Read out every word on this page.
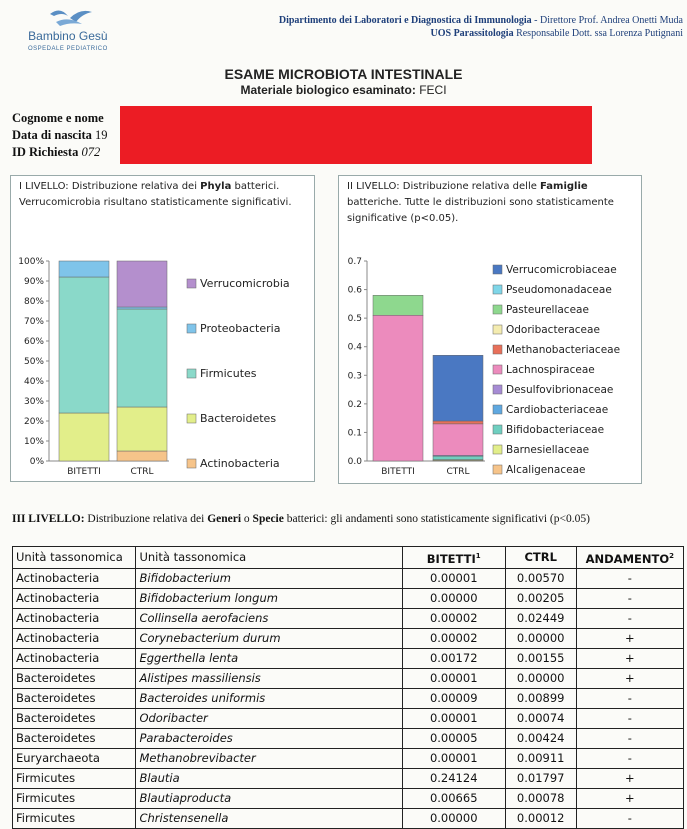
Bambino Gesù
OSPEDALE PEDIATRICO
Dipartimento dei Laboratori e Diagnostica di Immunologia - Direttore Prof. Andrea Onetti Muda
UOS Parassitologia Responsabile Dott. ssa Lorenza Putignani
ESAME MICROBIOTA INTESTINALE
Materiale biologico esaminato: FECI
Cognome e nome
Data di nascita 19
ID Richiesta 072
I LIVELLO: Distribuzione relativa dei Phyla batterici. Verrucomicrobia risultano statisticamente significativi.
0%
10%
20%
30%
40%
50%
60%
70%
80%
90%
100%
BITETTI	CTRL
Verrucomicrobia
Proteobacteria
Firmicutes
Bacteroidetes
Actinobacteria
II LIVELLO: Distribuzione relativa delle Famiglie batteriche. Tutte le distribuzioni sono statisticamente significative (p<0.05).
0.0
0.1
0.2
0.3
0.4
0.5
0.6
0.7
BITETTI	CTRL
Verrucomicrobiaceae
Pseudomonadaceae
Pasteurellaceae
Odoribacteraceae
Methanobacteriaceae
Lachnospiraceae
Desulfovibrionaceae
Cardiobacteriaceae
Bifidobacteriaceae
Barnesiellaceae
Alcaligenaceae
III LIVELLO: Distribuzione relativa dei Generi o Specie batterici: gli andamenti sono statisticamente significativi (p<0.05)
Unità tassonomica	Unità tassonomica	BITETTI$^1$	CTRL	ANDAMENTO$^2$
Actinobacteria	Bifidobacterium	0.00001	0.00570	-
Actinobacteria	Bifidobacterium longum	0.00000	0.00205	-
Actinobacteria	Collinsella aerofaciens	0.00002	0.02449	-
Actinobacteria	Corynebacterium durum	0.00002	0.00000	+
Actinobacteria	Eggerthella lenta	0.00172	0.00155	+
Bacteroidetes	Alistipes massiliensis	0.00001	0.00000	+
Bacteroidetes	Bacteroides uniformis	0.00009	0.00899	-
Bacteroidetes	Odoribacter	0.00001	0.00074	-
Bacteroidetes	Parabacteroides	0.00005	0.00424	-
Euryarchaeota	Methanobrevibacter	0.00001	0.00911	-
Firmicutes	Blautia	0.24124	0.01797	+
Firmicutes	Blautiaproducta	0.00665	0.00078	+
Firmicutes	Christensenella	0.00000	0.00012	-
